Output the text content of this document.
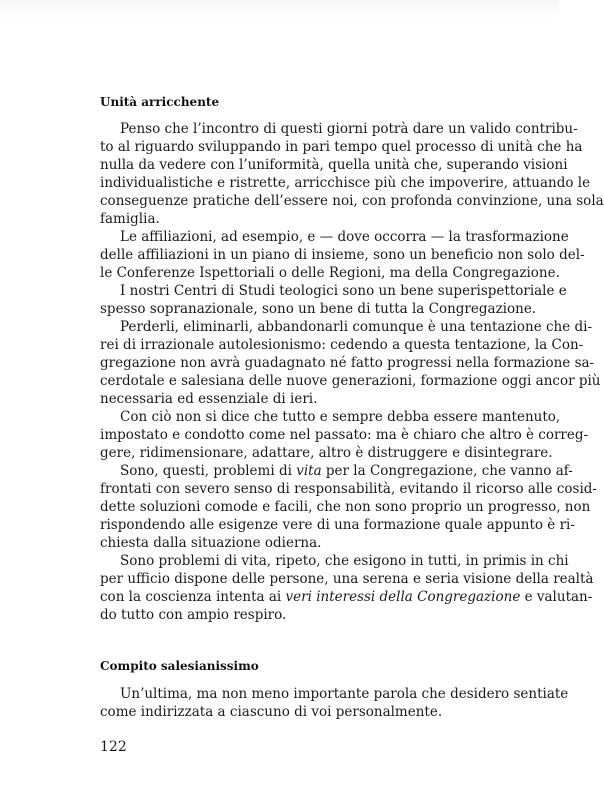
Unità arricchente
Penso che l’incontro di questi giorni potrà dare un valido contribu-
to al riguardo sviluppando in pari tempo quel processo di unità che ha
nulla da vedere con l’uniformità, quella unità che, superando visioni
individualistiche e ristrette, arricchisce più che impoverire, attuando le
conseguenze pratiche dell’essere noi, con profonda convinzione, una sola
famiglia.
Le affiliazioni, ad esempio, e — dove occorra — la trasformazione
delle affiliazioni in un piano di insieme, sono un beneficio non solo del-
le Conferenze Ispettoriali o delle Regioni, ma della Congregazione.
I nostri Centri di Studi teologici sono un bene superispettoriale e
spesso sopranazionale, sono un bene di tutta la Congregazione.
Perderli, eliminarli, abbandonarli comunque è una tentazione che di-
rei di irrazionale autolesionismo: cedendo a questa tentazione, la Con-
gregazione non avrà guadagnato né fatto progressi nella formazione sa-
cerdotale e salesiana delle nuove generazioni, formazione oggi ancor più
necessaria ed essenziale di ieri.
Con ciò non si dice che tutto e sempre debba essere mantenuto,
impostato e condotto come nel passato: ma è chiaro che altro è correg-
gere, ridimensionare, adattare, altro è distruggere e disintegrare.
Sono, questi, problemi di vita per la Congregazione, che vanno af-
frontati con severo senso di responsabilità, evitando il ricorso alle cosid-
dette soluzioni comode e facili, che non sono proprio un progresso, non
rispondendo alle esigenze vere di una formazione quale appunto è ri-
chiesta dalla situazione odierna.
Sono problemi di vita, ripeto, che esigono in tutti, in primis in chi
per ufficio dispone delle persone, una serena e seria visione della realtà
con la coscienza intenta ai veri interessi della Congregazione e valutan-
do tutto con ampio respiro.
Compito salesianissimo
Un’ultima, ma non meno importante parola che desidero sentiate
come indirizzata a ciascuno di voi personalmente.
122
